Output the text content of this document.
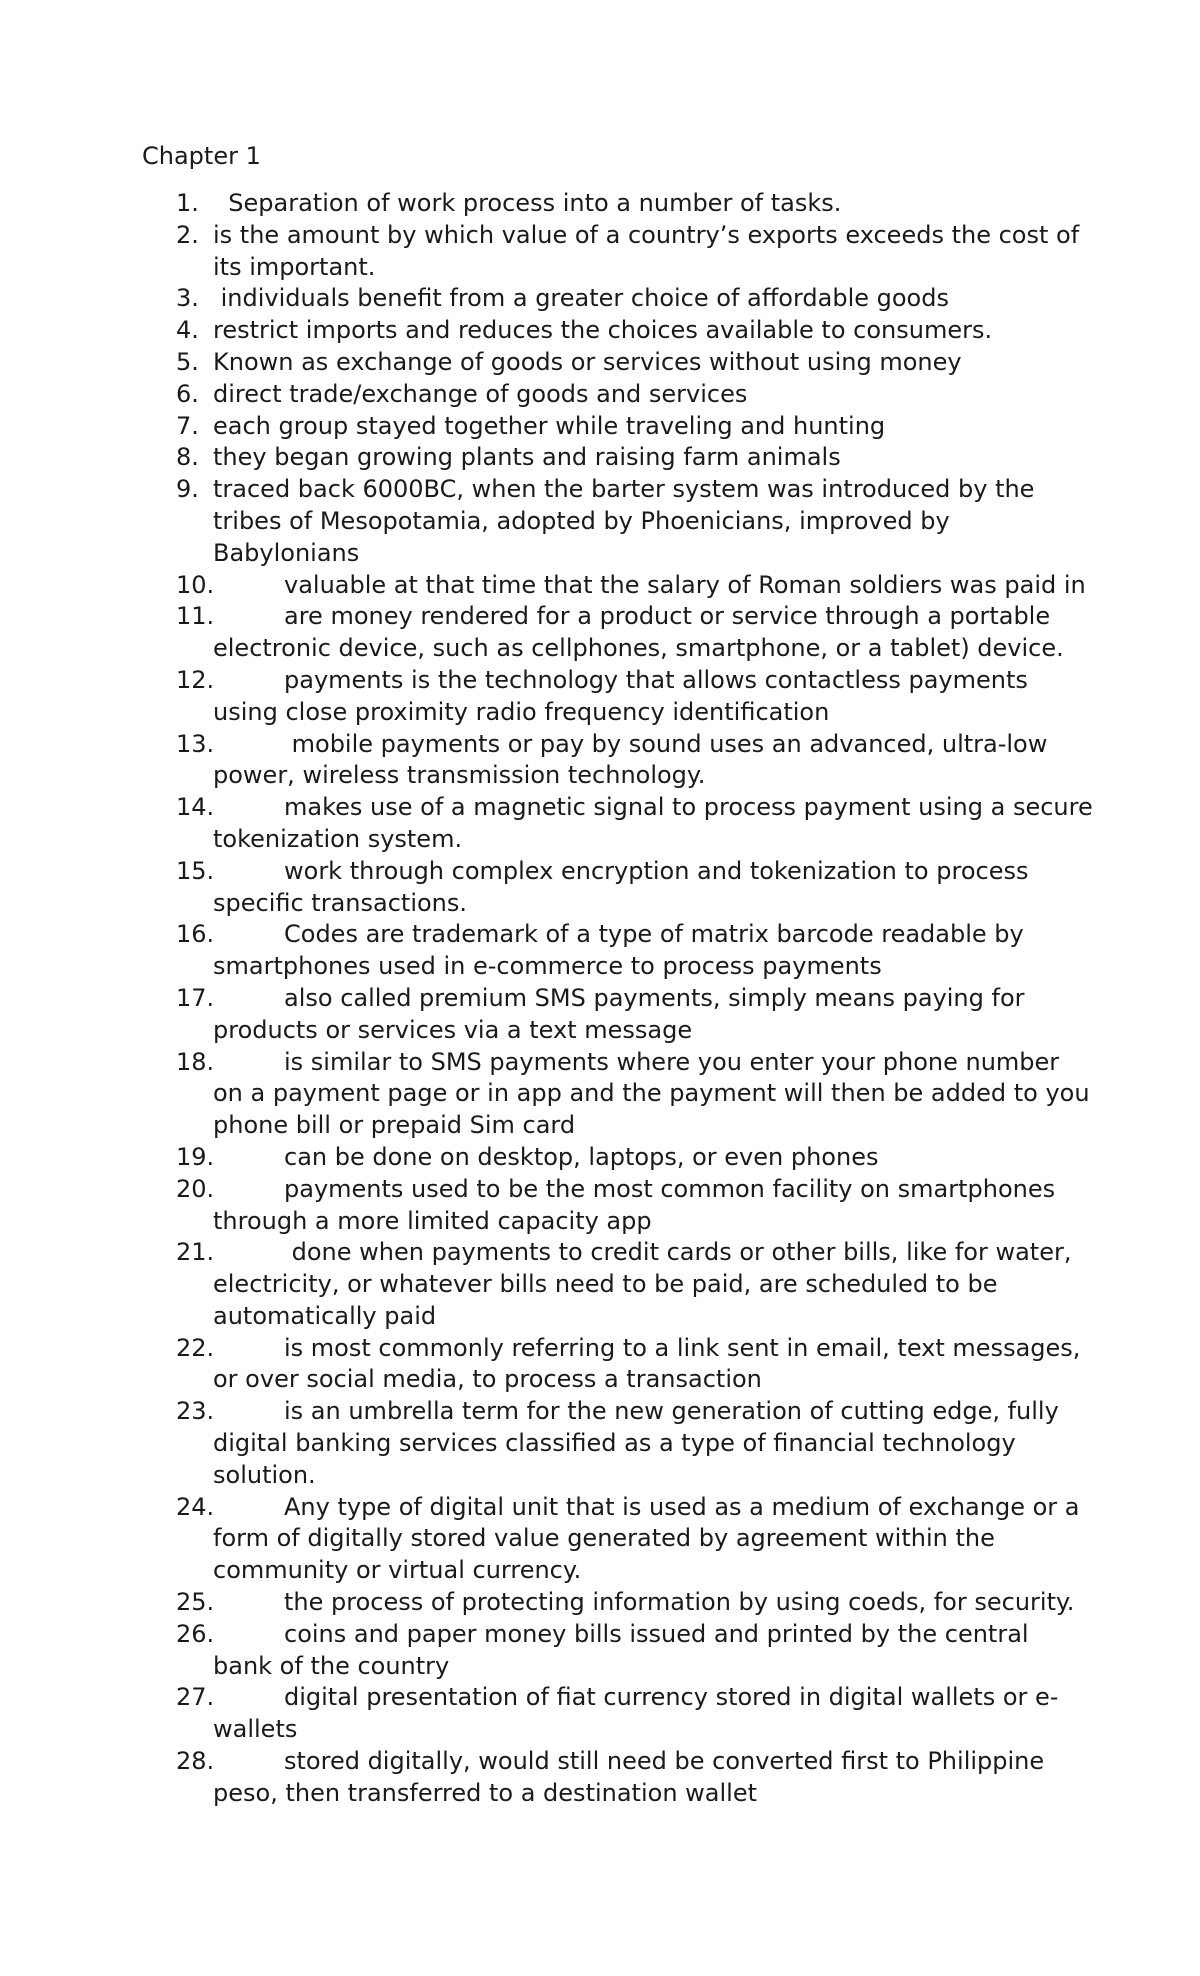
Chapter 1
1. Separation of work process into a number of tasks.
2. is the amount by which value of a country’s exports exceeds the cost of its important.
3. individuals benefit from a greater choice of affordable goods
4. restrict imports and reduces the choices available to consumers.
5. Known as exchange of goods or services without using money
6. direct trade/exchange of goods and services
7. each group stayed together while traveling and hunting
8. they began growing plants and raising farm animals
9. traced back 6000BC, when the barter system was introduced by the tribes of Mesopotamia, adopted by Phoenicians, improved by Babylonians
10.	valuable at that time that the salary of Roman soldiers was paid in
11.	are money rendered for a product or service through a portable electronic device, such as cellphones, smartphone, or a tablet) device.
12.	payments is the technology that allows contactless payments using close proximity radio frequency identification
13.	mobile payments or pay by sound uses an advanced, ultra-low power, wireless transmission technology.
14.	makes use of a magnetic signal to process payment using a secure tokenization system.
15.	work through complex encryption and tokenization to process specific transactions.
16.	Codes are trademark of a type of matrix barcode readable by smartphones used in e-commerce to process payments
17.	also called premium SMS payments, simply means paying for products or services via a text message
18.	is similar to SMS payments where you enter your phone number on a payment page or in app and the payment will then be added to you phone bill or prepaid Sim card
19.	can be done on desktop, laptops, or even phones
20.	payments used to be the most common facility on smartphones through a more limited capacity app
21.	done when payments to credit cards or other bills, like for water, electricity, or whatever bills need to be paid, are scheduled to be automatically paid
22.	is most commonly referring to a link sent in email, text messages, or over social media, to process a transaction
23.	is an umbrella term for the new generation of cutting edge, fully digital banking services classified as a type of financial technology solution.
24.	Any type of digital unit that is used as a medium of exchange or a form of digitally stored value generated by agreement within the community or virtual currency.
25.	the process of protecting information by using coeds, for security.
26.	coins and paper money bills issued and printed by the central bank of the country
27.	digital presentation of fiat currency stored in digital wallets or e-wallets
28.	stored digitally, would still need be converted first to Philippine peso, then transferred to a destination wallet
